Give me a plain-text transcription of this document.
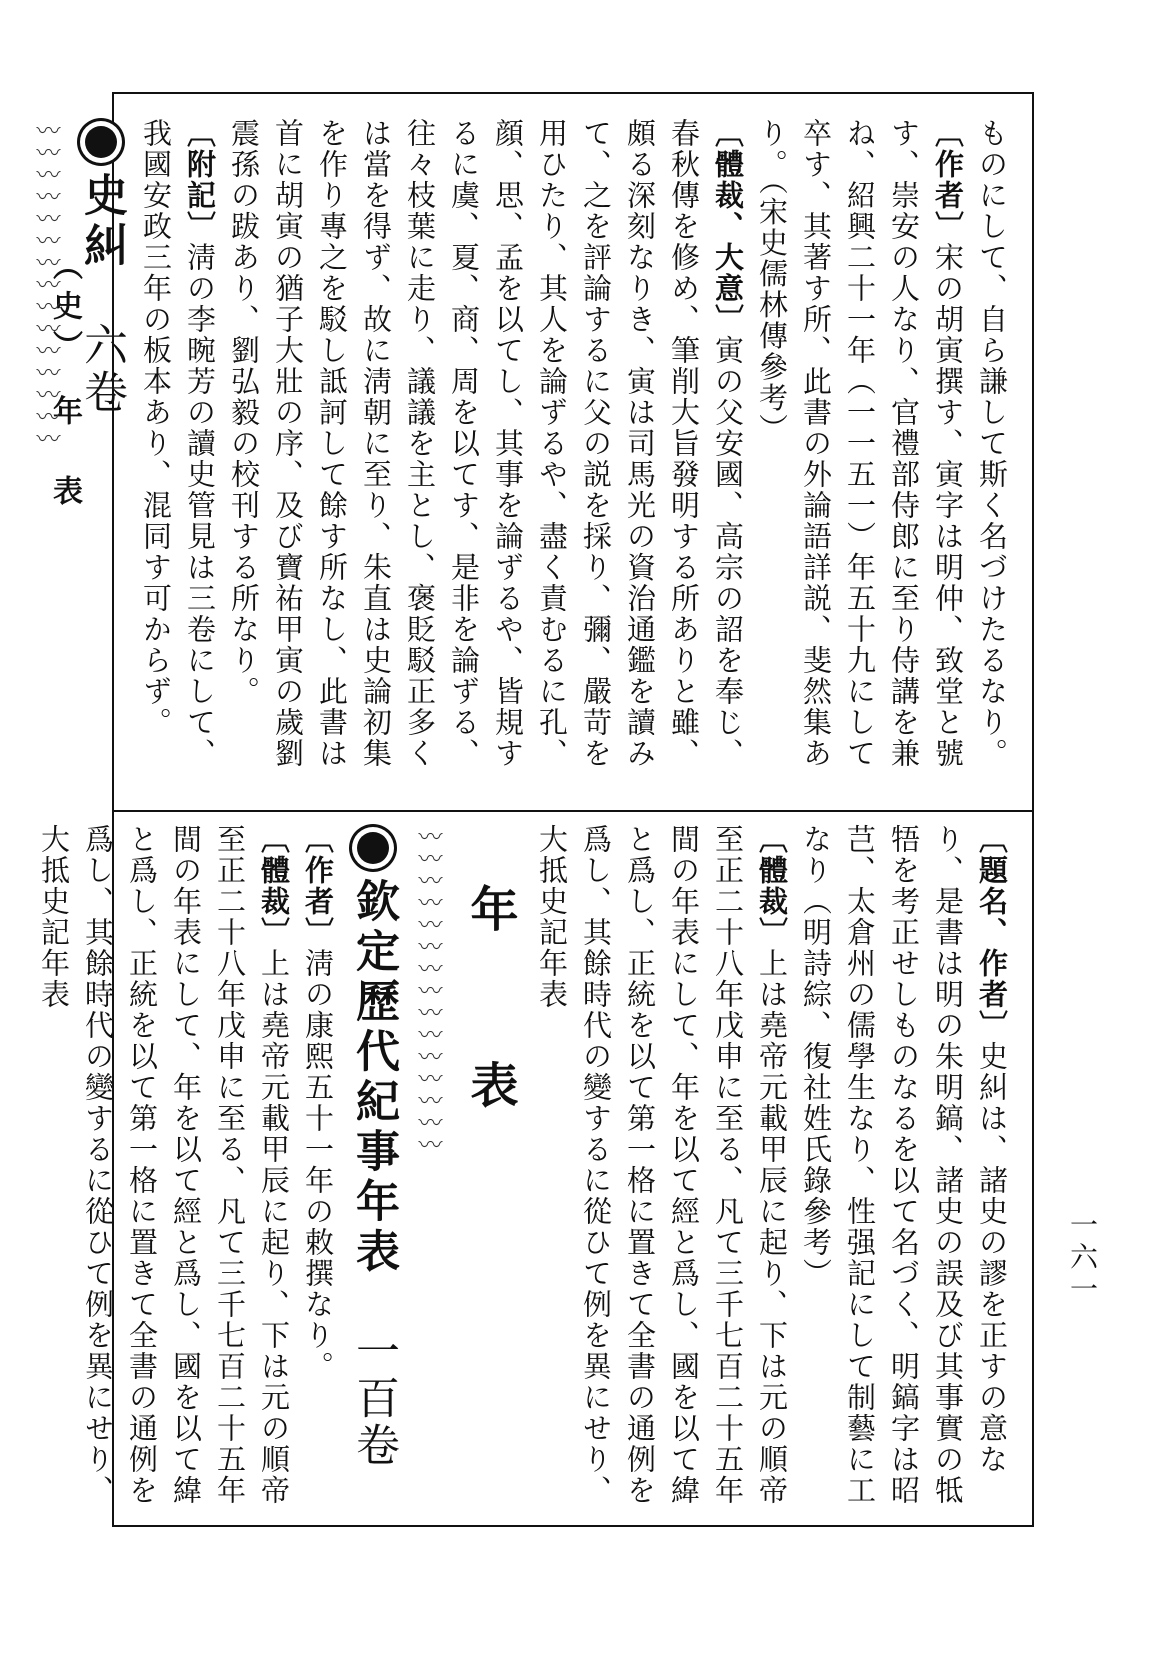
（史）　年　表
一六一

ものにして、自ら謙して斯く名づけたるなり。

〔作者〕宋の胡寅撰す、寅字は明仲、致堂と號す、崇安の人なり、官禮部侍郎に至り侍講を兼ね、紹興二十一年（一一五一）年五十九にして卒す、其著す所、此書の外論語詳説、斐然集あり。（宋史儒林傳參考）

〔體裁、大意〕寅の父安國、高宗の詔を奉じ、春秋傳を修め、筆削大旨發明する所ありと雖、頗る深刻なりき、寅は司馬光の資治通鑑を讀みて、之を評論するに父の説を採り、彌、嚴苛を用ひたり、其人を論ずるや、盡く責むるに孔、顔、思、孟を以てし、其事を論ずるや、皆規するに虞、夏、商、周を以てす、是非を論ずる、往々枝葉に走り、議議を主とし、褒貶駁正多くは當を得ず、故に淸朝に至り、朱直は史論初集を作り專之を駁し詆訶して餘す所なし、此書は首に胡寅の猶子大壯の序、及び寶祐甲寅の歲劉震孫の跋あり、劉弘毅の校刊する所なり。

〔附記〕淸の李晼芳の讀史管見は三卷にして、我國安政三年の板本あり、混同す可からず。

史糾　六卷

〰〰〰〰〰〰〰〰〰〰〰〰〰〰〰

〔題名、作者〕史糾は、諸史の謬を正すの意なり、是書は明の朱明鎬、諸史の誤及び其事實の牴牾を考正せしものなるを以て名づく、明鎬字は昭芑、太倉州の儒學生なり、性强記にして制藝に工なり（明詩綜、復社姓氏錄參考）

〔體裁〕上は堯帝元載甲辰に起り、下は元の順帝至正二十八年戊申に至る、凡て三千七百二十五年間の年表にして、年を以て經と爲し、國を以て緯と爲し、正統を以て第一格に置きて全書の通例を爲し、其餘時代の變するに從ひて例を異にせり、大抵史記年表

年　表

〰〰〰〰〰〰〰〰〰〰〰〰〰〰〰

欽定歷代紀事年表　一百卷

〔作者〕淸の康熙五十一年の敕撰なり。

〔體裁〕上は堯帝元載甲辰に起り、下は元の順帝至正二十八年戊申に至る、凡て三千七百二十五年間の年表にして、年を以て經と爲し、國を以て緯と爲し、正統を以て第一格に置きて全書の通例を爲し、其餘時代の變するに從ひて例を異にせり、大抵史記年表
